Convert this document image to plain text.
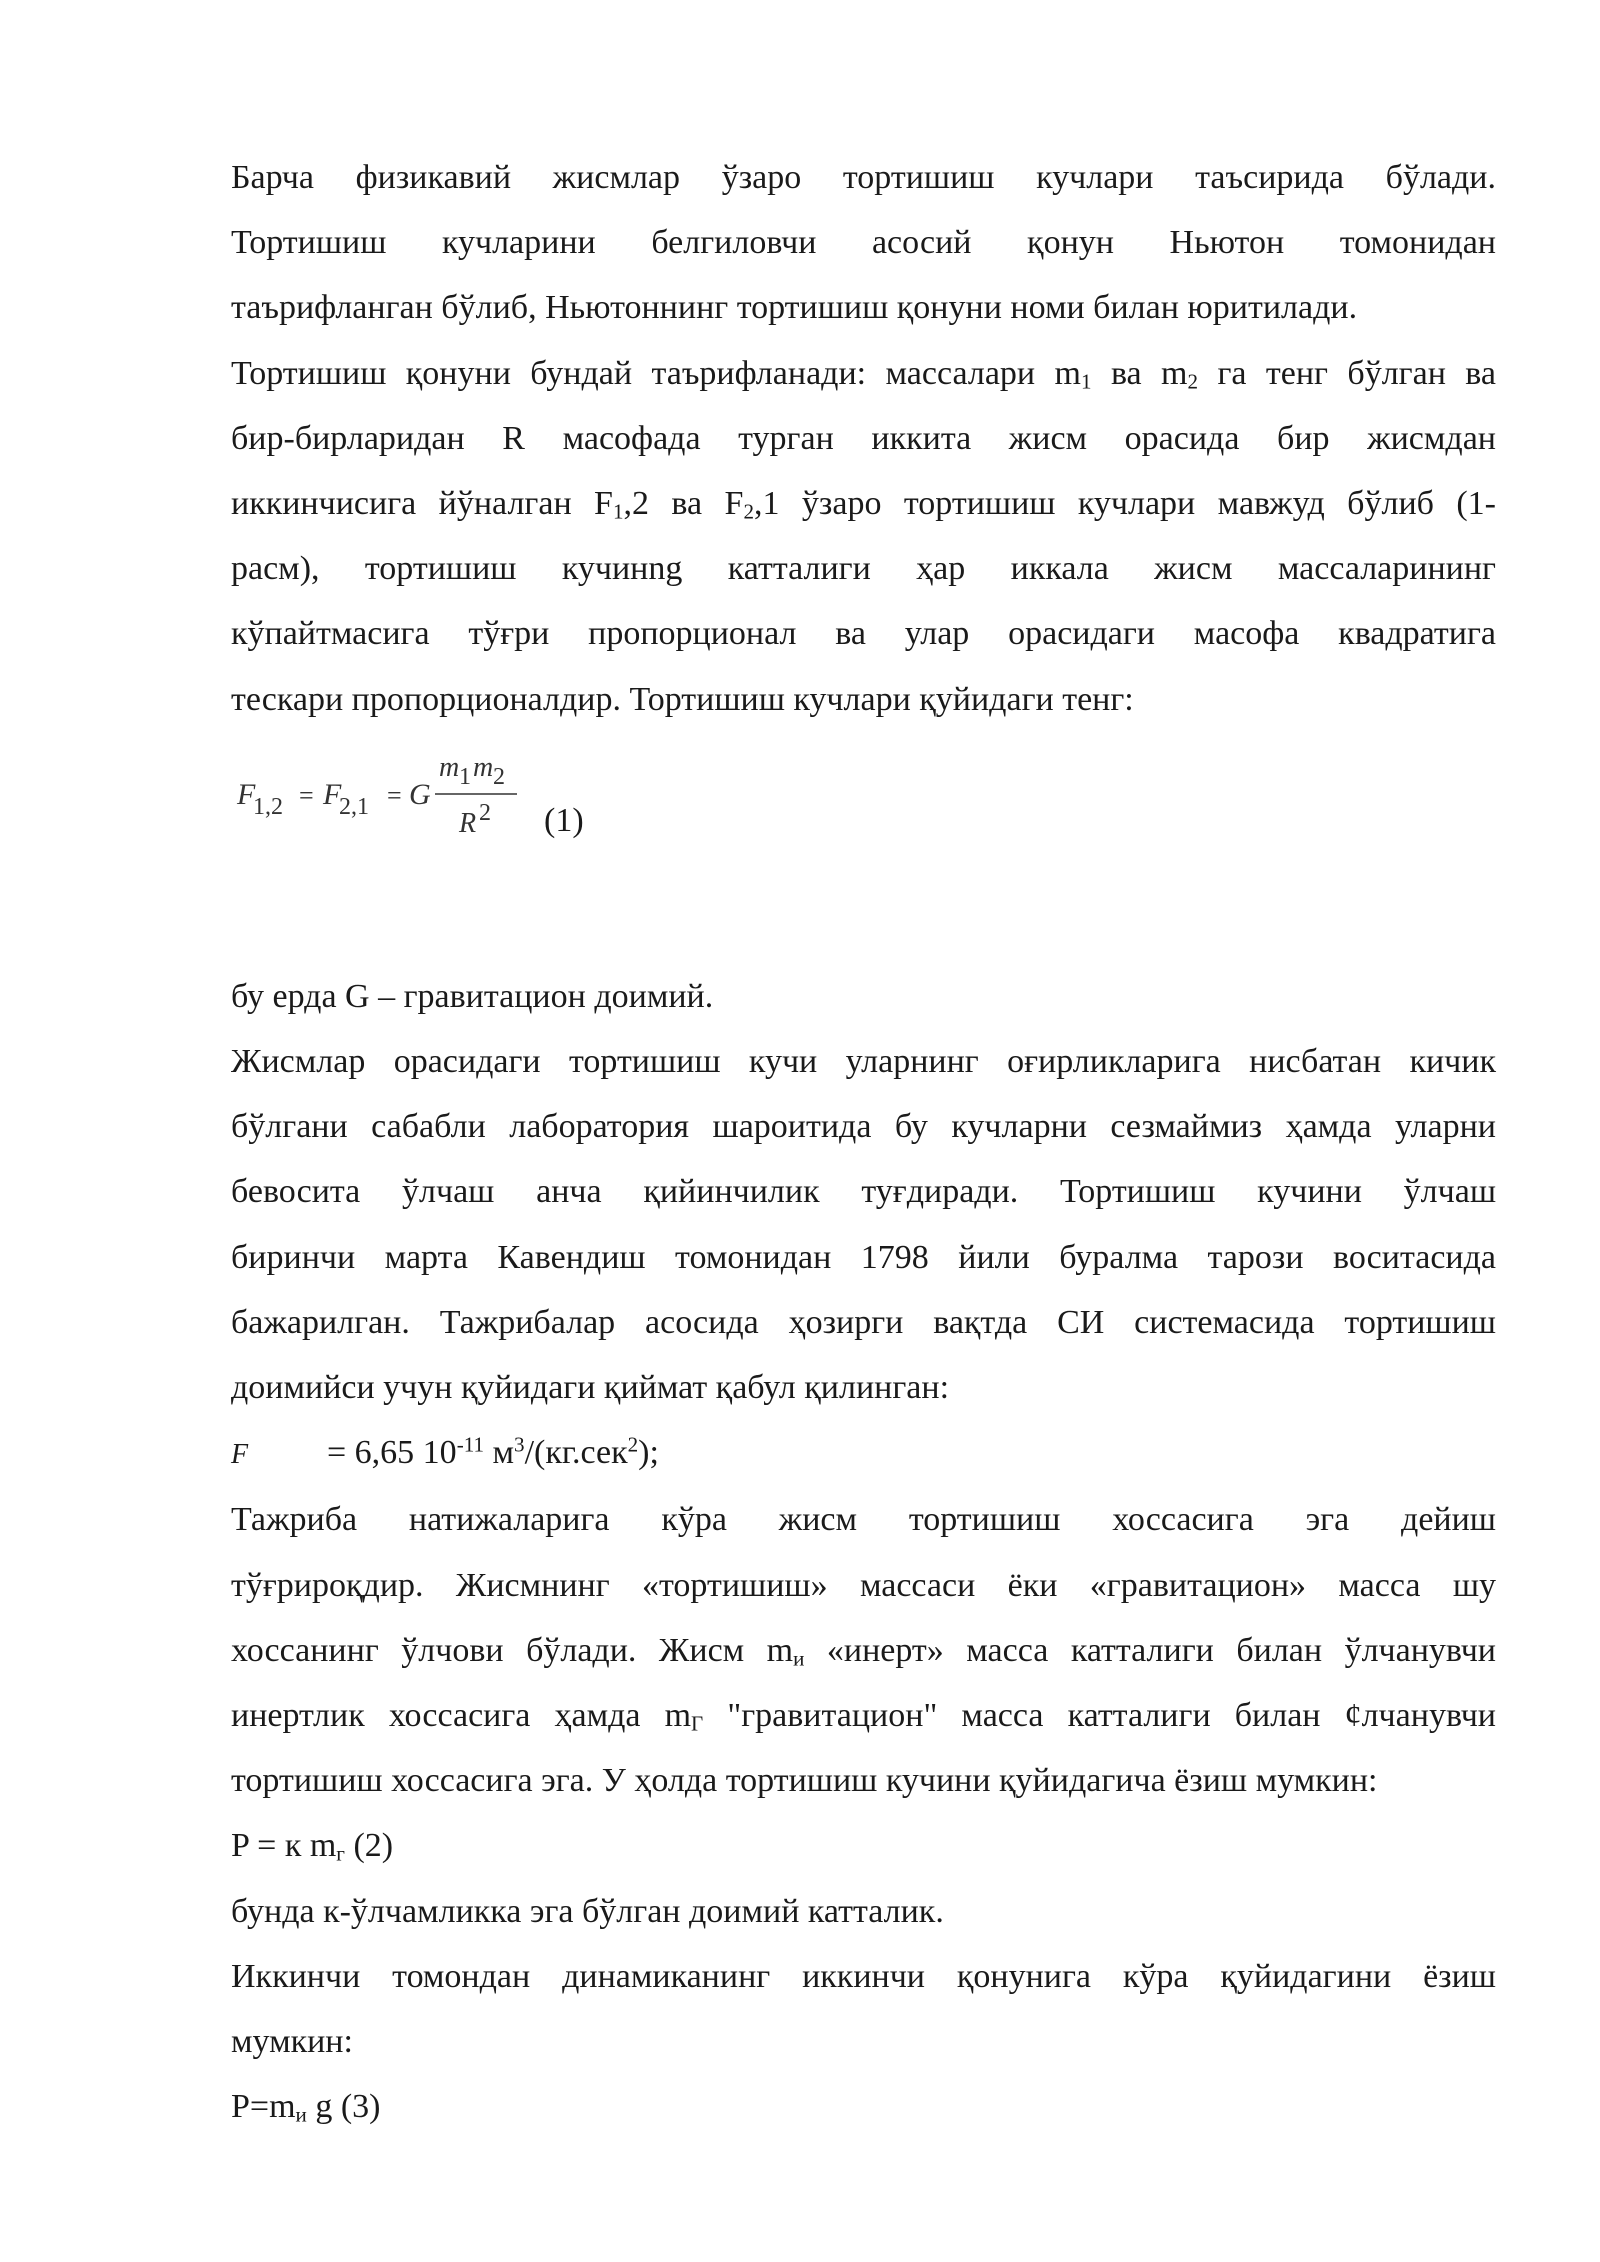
Барча физикавий жисмлар ўзаро тортишиш кучлари таъсирида бўлади.

Тортишиш кучларини белгиловчи асосий қонун Ньютон томонидан

таърифланган бўлиб, Ньютоннинг тортишиш қонуни номи билан юритилади.

Тортишиш қонуни бундай таърифланади: массалари $m_1$ ва $m_2$ га тенг бўлган ва

бир-бирларидан R масофада турган иккита жисм орасида бир жисмдан

иккинчисига йўналган $F_1,2$ ва $F_2,1$ ўзаро тортишиш кучлари мавжуд бўлиб (1-

расм), тортишиш кучинng катталиги ҳар иккала жисм массаларининг

кўпайтмасига тўғри пропорционал ва улар орасидаги масофа квадратига

тескари пропорционалдир. Тортишиш кучлари қуйидаги тенг:

F
1,2 = F
2,1 = G
m 1 m 2
R 2 (1)

бу ерда G – гравитацион доимий.

Жисмлар орасидаги тортишиш кучи уларнинг оғирликларига нисбатан кичик

бўлгани сабабли лаборатория шароитида бу кучларни сезмаймиз ҳамда уларни

бевосита ўлчаш анча қийинчилик туғдиради. Тортишиш кучини ўлчаш

биринчи марта Кавендиш томонидан 1798 йили буралма тарози воситасида

бажарилган. Тажрибалар асосида ҳозирги вақтда СИ системасида тортишиш

доимийси учун қуйидаги қиймат қабул қилинган:

F = 6,65 $10^{-11}$ $м^3/(кг.сек^2)$;

Тажриба натижаларига кўра жисм тортишиш хоссасига эга дейиш

тўғрироқдир. Жисмнинг «тортишиш» массаси ёки «гравитацион» масса шу

хоссанинг ўлчови бўлади. Жисм $m_и$ «инерт» масса катталиги билан ўлчанувчи

инертлик хоссасига ҳамда $m_Г$ "гравитацион" масса катталиги билан ¢лчанувчи

тортишиш хоссасига эга. У ҳолда тортишиш кучини қуйидагича ёзиш мумкин:

P = к $m_г$ (2)

бунда к-ўлчамликка эга бўлган доимий катталик.

Иккинчи томондан динамиканинг иккинчи қонунига кўра қуйидагини ёзиш

мумкин:

$P=m_и$ g (3)
